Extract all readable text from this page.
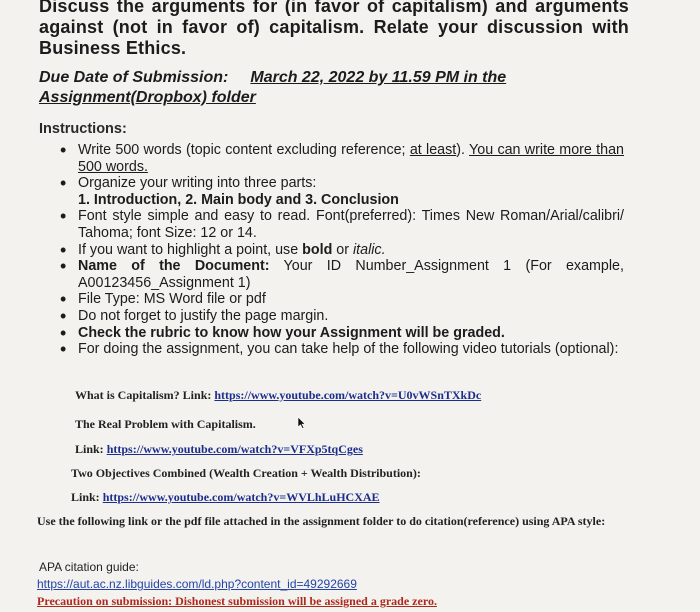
Discuss the arguments for (in favor of capitalism) and arguments against (not in favor of) capitalism. Relate your discussion with Business Ethics.
Due Date of Submission: March 22, 2022 by 11.59 PM in the
Assignment(Dropbox) folder
Instructions:
• Write 500 words (topic content excluding reference; at least). You can write more than 500 words.
• Organize your writing into three parts:
1. Introduction, 2. Main body and 3. Conclusion
• Font style simple and easy to read. Font(preferred): Times New Roman/Arial/calibri/ Tahoma; font Size: 12 or 14.
• If you want to highlight a point, use bold or italic.
• Name of the Document: Your ID Number_Assignment 1 (For example, A00123456_Assignment 1)
• File Type: MS Word file or pdf
• Do not forget to justify the page margin.
• Check the rubric to know how your Assignment will be graded.
• For doing the assignment, you can take help of the following video tutorials (optional):
What is Capitalism? Link: https://www.youtube.com/watch?v=U0vWSnTXkDc
The Real Problem with Capitalism.
Link: https://www.youtube.com/watch?v=VFXp5tqCges
Two Objectives Combined (Wealth Creation + Wealth Distribution):
Link: https://www.youtube.com/watch?v=WVLhLuHCXAE
Use the following link or the pdf file attached in the assignment folder to do citation(reference) using APA style:
APA citation guide:
https://aut.ac.nz.libguides.com/ld.php?content_id=49292669
Precaution on submission: Dishonest submission will be assigned a grade zero.
